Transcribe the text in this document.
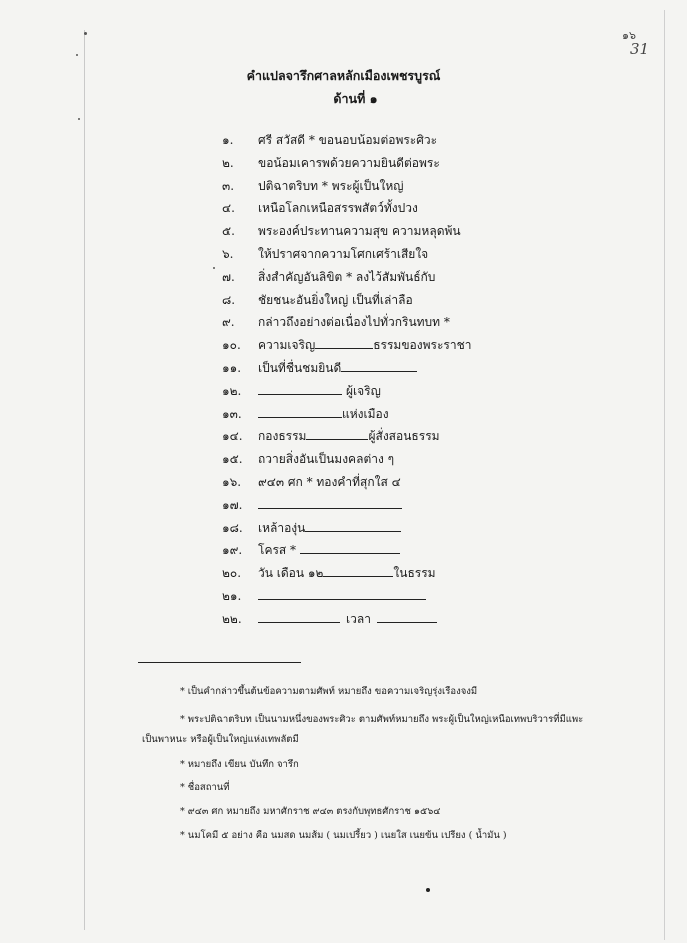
๑๖
31
คำแปลจารึกศาลหลักเมืองเพชรบูรณ์
ด้านที่ ๑
๑. ศรี สวัสดี * ขอนอบน้อมต่อพระศิวะ
๒. ขอน้อมเคารพด้วยความยินดีต่อพระ
๓. ปติฉาตริบท * พระผู้เป็นใหญ่
๔. เหนือโลกเหนือสรรพสัตว์ทั้งปวง
๕. พระองค์ประทานความสุข ความหลุดพ้น
๖. ให้ปราศจากความโศกเศร้าเสียใจ
๗. สิ่งสำคัญอันลิขิต * ลงไว้สัมพันธ์กับ
๘. ชัยชนะอันยิ่งใหญ่ เป็นที่เล่าลือ
๙. กล่าวถึงอย่างต่อเนื่องไปทั่วกรินทบท *
๑๐. ความเจริญ	ธรรมของพระราชา
๑๑. เป็นที่ชื่นชมยินดี
๑๒.	ผู้เจริญ
๑๓.	แห่งเมือง
๑๔. กองธรรม	ผู้สั่งสอนธรรม
๑๕. ถวายสิ่งอันเป็นมงคลต่าง ๆ
๑๖. ๙๔๓ ศก * ทองคำที่สุกใส ๔
๑๗.
๑๘. เหล้าองุ่น
๑๙. โครส *
๒๐. วัน เดือน ๑๒	ในธรรม
๒๑.
๒๒.	เวลา
* เป็นคำกล่าวขึ้นต้นข้อความตามศัพท์ หมายถึง ขอความเจริญรุ่งเรืองจงมี
* พระปติฉาตริบท เป็นนามหนึ่งของพระศิวะ ตามศัพท์หมายถึง พระผู้เป็นใหญ่เหนือเทพบริวารที่มีแพะ
เป็นพาหนะ หรือผู้เป็นใหญ่แห่งเทพลัตมี
* หมายถึง เขียน บันทึก จารึก
* ชื่อสถานที่
* ๙๔๓ ศก หมายถึง มหาศักราช ๙๔๓ ตรงกับพุทธศักราช ๑๕๖๔
* นมโคมี ๕ อย่าง คือ นมสด นมส้ม ( นมเปรี้ยว ) เนยใส เนยข้น เปรียง ( น้ำมัน )
